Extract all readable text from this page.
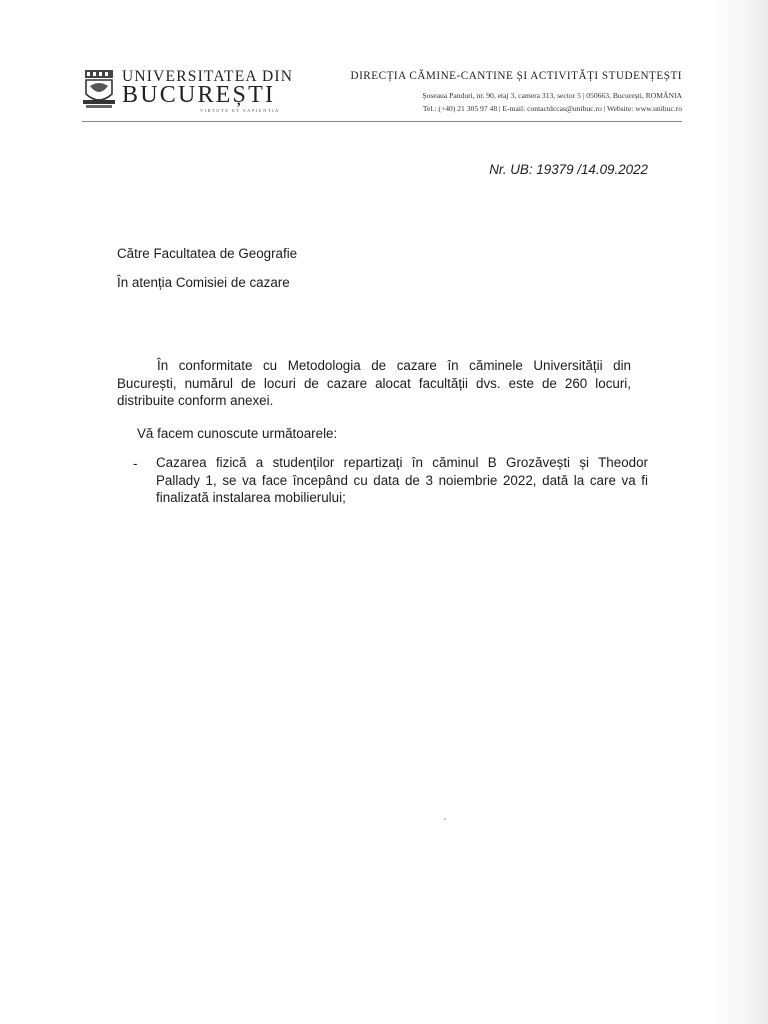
UNIVERSITATEA DIN
BUCUREȘTI
VIRTUTE ET SAPIENTIA
DIRECȚIA CĂMINE-CANTINE ȘI ACTIVITĂȚI STUDENȚEȘTI
Șoseaua Panduri, nr. 90, etaj 3, camera 313, sector 5 | 050663, București, ROMÂNIA
Tel.: (+40) 21 305 97 48 | E-mail: contactdccas@unibuc.ro | Website: www.unibuc.ro
Nr. UB: 19379 /14.09.2022
Către Facultatea de Geografie
În atenția Comisiei de cazare
În conformitate cu Metodologia de cazare în căminele Universității din
București, numărul de locuri de cazare alocat facultății dvs. este de 260 locuri,
distribuite conform anexei.
Vă facem cunoscute următoarele:
- Cazarea fizică a studenților repartizați în căminul B Grozăvești și Theodor
Pallady 1, se va face începând cu data de 3 noiembrie 2022, dată la care va fi
finalizată instalarea mobilierului;
